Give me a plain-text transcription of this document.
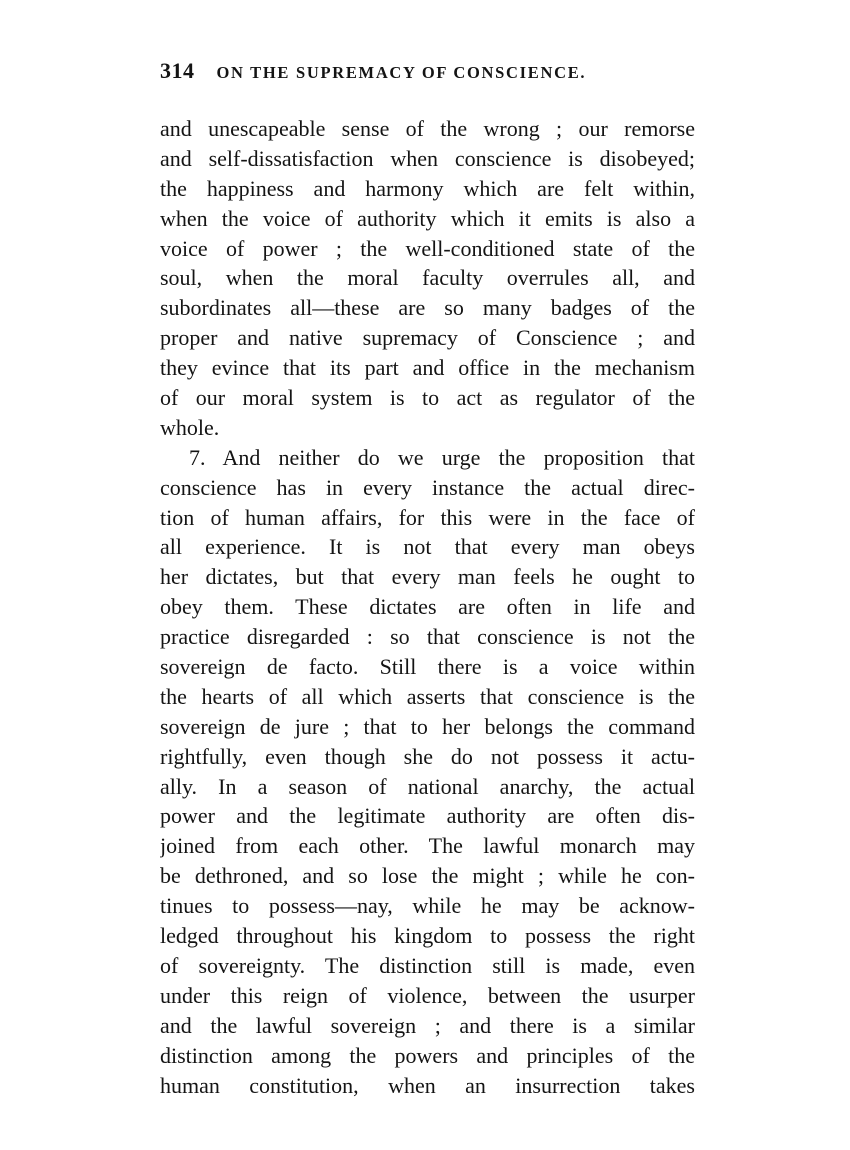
314 ON THE SUPREMACY OF CONSCIENCE.
and unescapeable sense of the wrong ; our remorse
and self-dissatisfaction when conscience is disobeyed;
the happiness and harmony which are felt within,
when the voice of authority which it emits is also a
voice of power ; the well-conditioned state of the
soul, when the moral faculty overrules all, and
subordinates all—these are so many badges of the
proper and native supremacy of Conscience ; and
they evince that its part and office in the mechanism
of our moral system is to act as regulator of the
whole.
7. And neither do we urge the proposition that
conscience has in every instance the actual direc-
tion of human affairs, for this were in the face of
all experience. It is not that every man obeys
her dictates, but that every man feels he ought to
obey them. These dictates are often in life and
practice disregarded : so that conscience is not the
sovereign de facto. Still there is a voice within
the hearts of all which asserts that conscience is the
sovereign de jure ; that to her belongs the command
rightfully, even though she do not possess it actu-
ally. In a season of national anarchy, the actual
power and the legitimate authority are often dis-
joined from each other. The lawful monarch may
be dethroned, and so lose the might ; while he con-
tinues to possess—nay, while he may be acknow-
ledged throughout his kingdom to possess the right
of sovereignty. The distinction still is made, even
under this reign of violence, between the usurper
and the lawful sovereign ; and there is a similar
distinction among the powers and principles of the
human constitution, when an insurrection takes
